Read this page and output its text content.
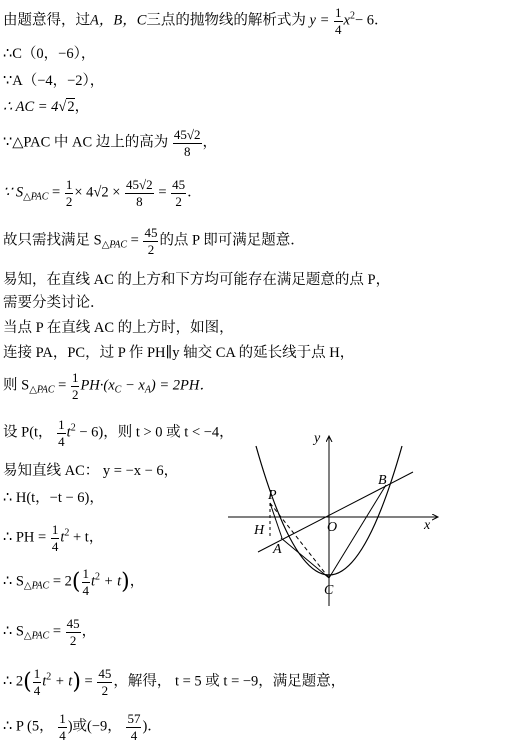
由题意得，过A，B，C三点的抛物线的解析式为 $y = \frac{1}{4} x^2- 6$．
∴C（0，−6），
∵A（−4，−2），
∴ AC = 4√2，
∵△PAC 中 AC 边上的高为 $\frac{45√2}{8}$ ，
∵ $S_{\triangle PAC} = \frac{1}{2} \times 4√2 \times \frac{45√2}{8} = \frac{45}{2}$ ．
故只需找满足 $S_{\triangle PAC} = \frac{45}{2}$ 的点 P 即可满足题意．
易知，在直线 AC 的上方和下方均可能存在满足题意的点 P，
需要分类讨论．
当点 P 在直线 AC 的上方时，如图，
连接 PA，PC，过 P 作 PH∥y 轴交 CA 的延长线于点 H，
则 $S_{\triangle PAC} = \frac{1}{2} PH\cdot(x_C - x_A) = 2PH$．
设 P(t， $\frac{1}{4} t^2 - 6$)，则 t > 0 或 t < −4，
易知直线 AC： y = −x − 6，
∴ H(t，−t − 6)，
∴ PH = $\frac{1}{4} t^2 + t$，
∴ $S_{\triangle PAC} = 2( \frac{1}{4} t^2 + t)$，
∴ $S_{\triangle PAC} = \frac{45}{2}$ ，
∴ $2( \frac{1}{4} t^2 + t) = \frac{45}{2}$ ，解得， t = 5 或 t = −9，满足题意，
∴ P (5， $\frac{1}{4}$ )或(−9， $\frac{57}{4}$ )．
y
x
O
B
P
H
A
C
